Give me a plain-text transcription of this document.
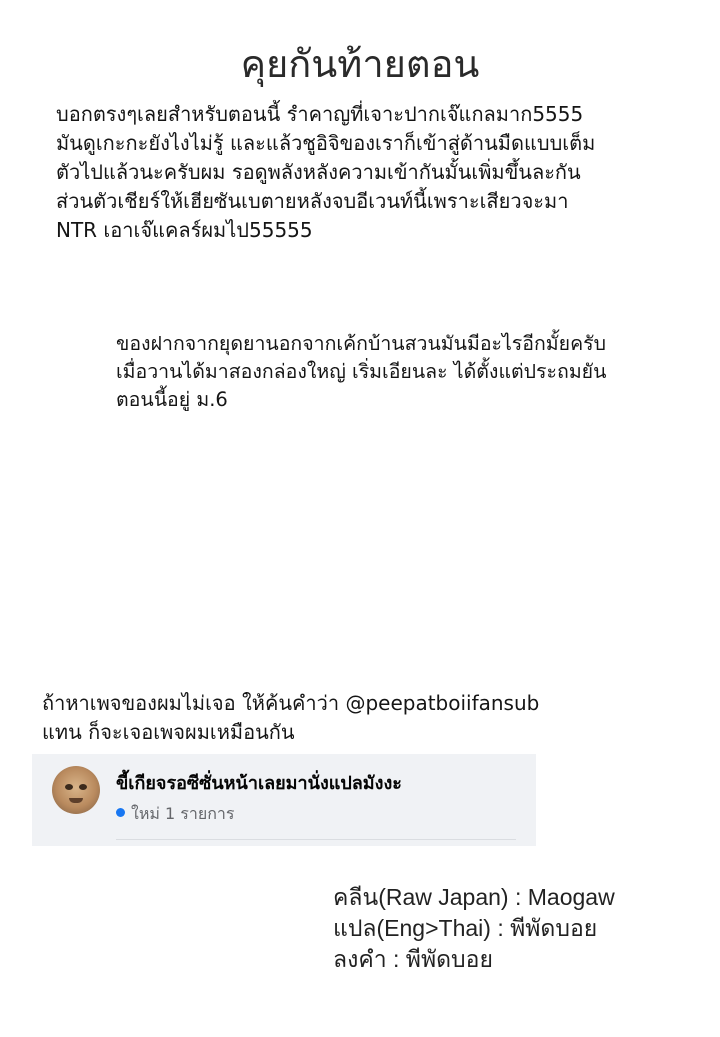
คุยกันท้ายตอน
บอกตรงๆเลยสำหรับตอนนี้ รำคาญที่เจาะปากเจ๊แกลมาก5555
มันดูเกะกะยังไงไม่รู้ และแล้วชูอิจิของเราก็เข้าสู่ด้านมืดแบบเต็ม
ตัวไปแล้วนะครับผม รอดูพลังหลังความเข้ากันมั้นเพิ่มขึ้นละกัน
ส่วนตัวเชียร์ให้เฮียซันเบตายหลังจบอีเวนท์นี้เพราะเสียวจะมา
NTR เอาเจ๊แคลร์ผมไป55555
ของฝากจากยุดยานอกจากเค้กบ้านสวนมันมีอะไรอีกมั้ยครับ
เมื่อวานได้มาสองกล่องใหญ่ เริ่มเอียนละ ได้ตั้งแต่ประถมยัน
ตอนนี้อยู่ ม.6
ถ้าหาเพจของผมไม่เจอ ให้ค้นคำว่า @peepatboiifansub
แทน ก็จะเจอเพจผมเหมือนกัน
ขี้เกียจรอซีซั่นหน้าเลยมานั่งแปลมังงะ
ใหม่ 1 รายการ
คลีน(Raw Japan) : Maogaw
แปล(Eng>Thai) : พีพัดบอย
ลงคำ : พีพัดบอย
